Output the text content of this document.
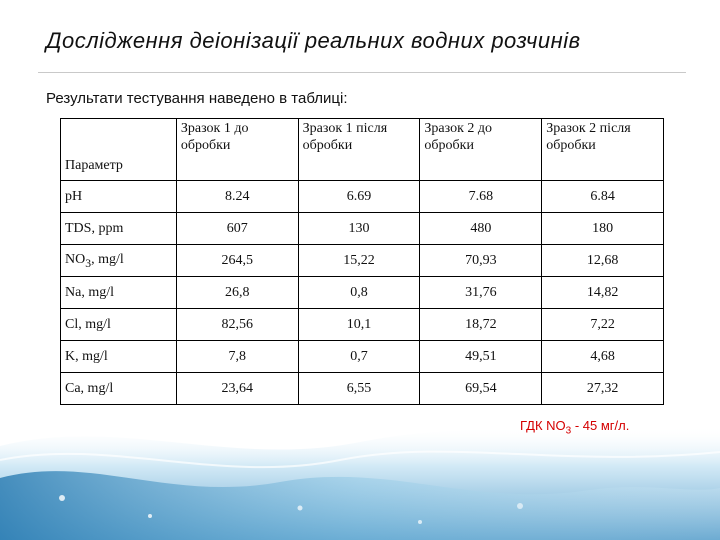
Дослідження деіонізації реальних водних розчинів
Результати тестування наведено в таблиці:
Параметр	Зразок 1 до обробки	Зразок 1 після обробки	Зразок 2 до обробки	Зразок 2 після обробки
pH	8.24	6.69	7.68	6.84
TDS, ppm	607	130	480	180
$NO_3$, mg/l	264,5	15,22	70,93	12,68
Na, mg/l	26,8	0,8	31,76	14,82
Cl, mg/l	82,56	10,1	18,72	7,22
K, mg/l	7,8	0,7	49,51	4,68
Ca, mg/l	23,64	6,55	69,54	27,32
ГДК $NO_3 - 45$ мг/л.
